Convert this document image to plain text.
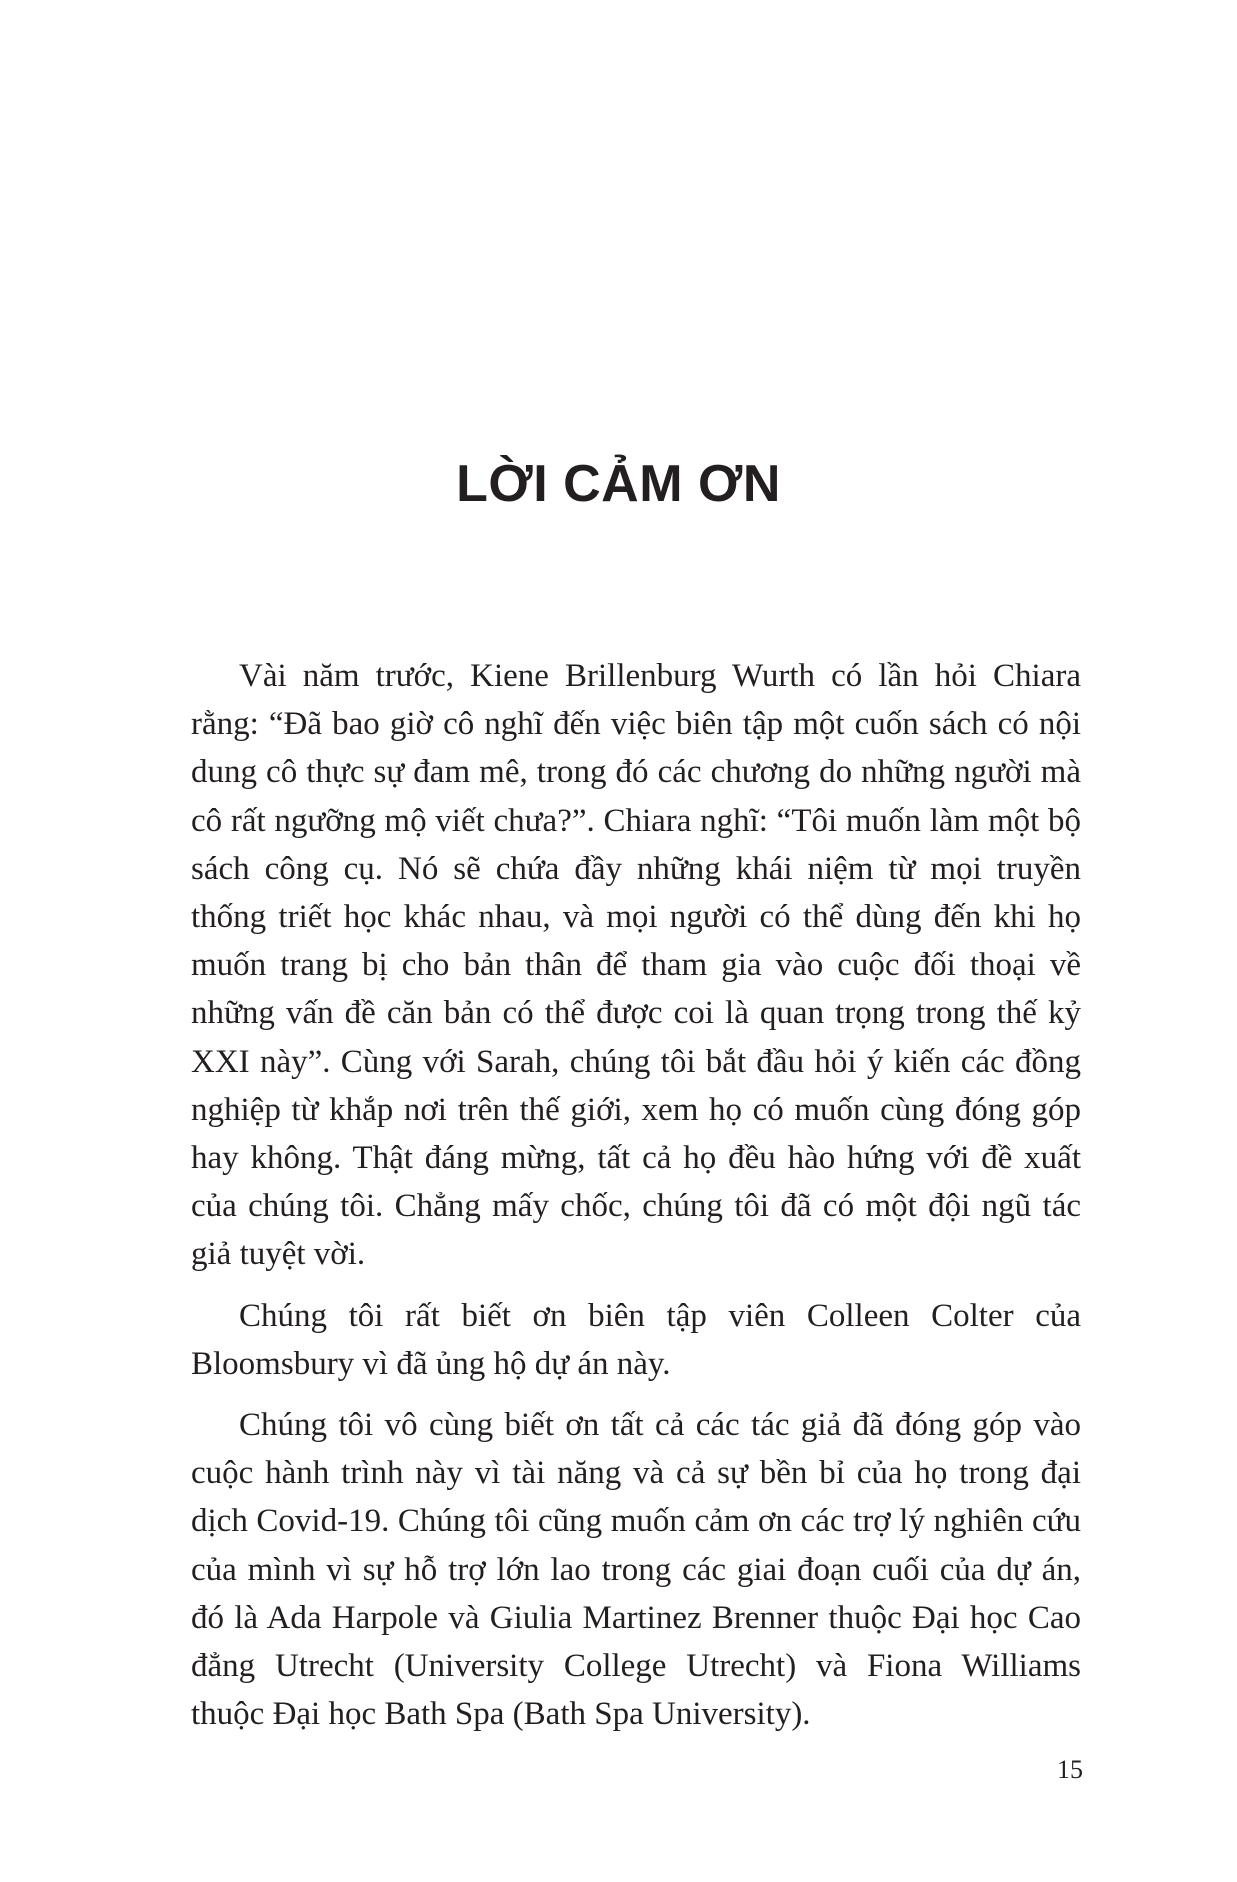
LỜI CẢM ƠN

Vài năm trước, Kiene Brillenburg Wurth có lần hỏi Chiara rằng: “Đã bao giờ cô nghĩ đến việc biên tập một cuốn sách có nội dung cô thực sự đam mê, trong đó các chương do những người mà cô rất ngưỡng mộ viết chưa?”. Chiara nghĩ: “Tôi muốn làm một bộ sách công cụ. Nó sẽ chứa đầy những khái niệm từ mọi truyền thống triết học khác nhau, và mọi người có thể dùng đến khi họ muốn trang bị cho bản thân để tham gia vào cuộc đối thoại về những vấn đề căn bản có thể được coi là quan trọng trong thế kỷ XXI này”. Cùng với Sarah, chúng tôi bắt đầu hỏi ý kiến các đồng nghiệp từ khắp nơi trên thế giới, xem họ có muốn cùng đóng góp hay không. Thật đáng mừng, tất cả họ đều hào hứng với đề xuất của chúng tôi. Chẳng mấy chốc, chúng tôi đã có một đội ngũ tác giả tuyệt vời.

Chúng tôi rất biết ơn biên tập viên Colleen Colter của Bloomsbury vì đã ủng hộ dự án này.

Chúng tôi vô cùng biết ơn tất cả các tác giả đã đóng góp vào cuộc hành trình này vì tài năng và cả sự bền bỉ của họ trong đại dịch Covid-19. Chúng tôi cũng muốn cảm ơn các trợ lý nghiên cứu của mình vì sự hỗ trợ lớn lao trong các giai đoạn cuối của dự án, đó là Ada Harpole và Giulia Martinez Brenner thuộc Đại học Cao đẳng Utrecht (University College Utrecht) và Fiona Williams thuộc Đại học Bath Spa (Bath Spa University).

15
